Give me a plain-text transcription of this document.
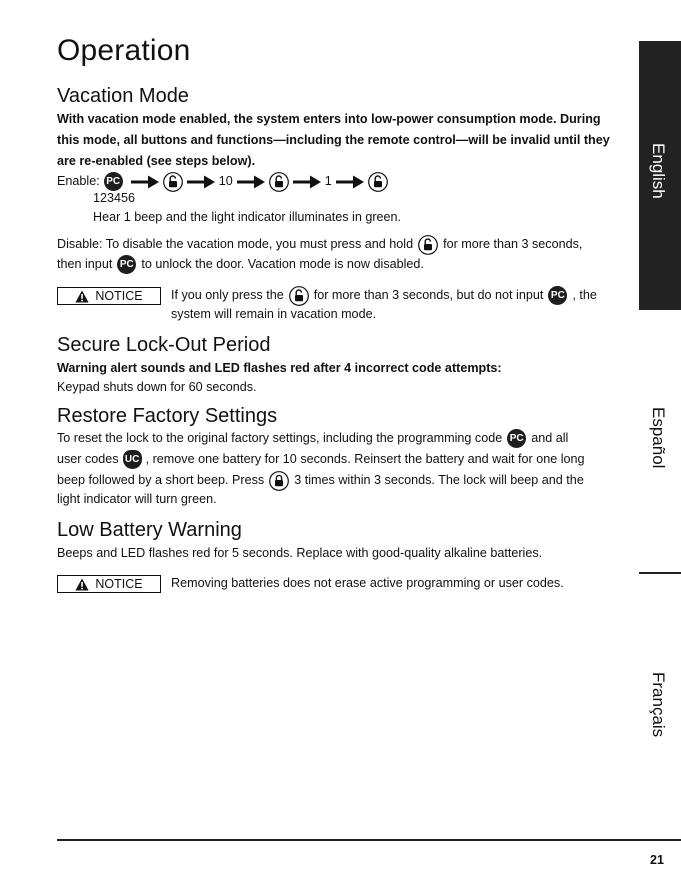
Operation
Vacation Mode
With vacation mode enabled, the system enters into low-power consumption mode. During
this mode, all buttons and functions—including the remote control—will be invalid until they
are re-enabled (see steps below).
Enable: PC	10	1
123456
Hear 1 beep and the light indicator illuminates in green.
Disable: To disable the vacation mode, you must press and hold for more than 3 seconds,
then input PC to unlock the door. Vacation mode is now disabled.
NOTICE If you only press the for more than 3 seconds, but do not input PC , the
system will remain in vacation mode.
Secure Lock-Out Period
Warning alert sounds and LED flashes red after 4 incorrect code attempts:
Keypad shuts down for 60 seconds.
Restore Factory Settings
To reset the lock to the original factory settings, including the programming code PC and all
user codes UC , remove one battery for 10 seconds. Reinsert the battery and wait for one long
beep followed by a short beep. Press 3 times within 3 seconds. The lock will beep and the
light indicator will turn green.
Low Battery Warning
Beeps and LED flashes red for 5 seconds. Replace with good-quality alkaline batteries.
NOTICE Removing batteries does not erase active programming or user codes.
English
Español
Français
21
